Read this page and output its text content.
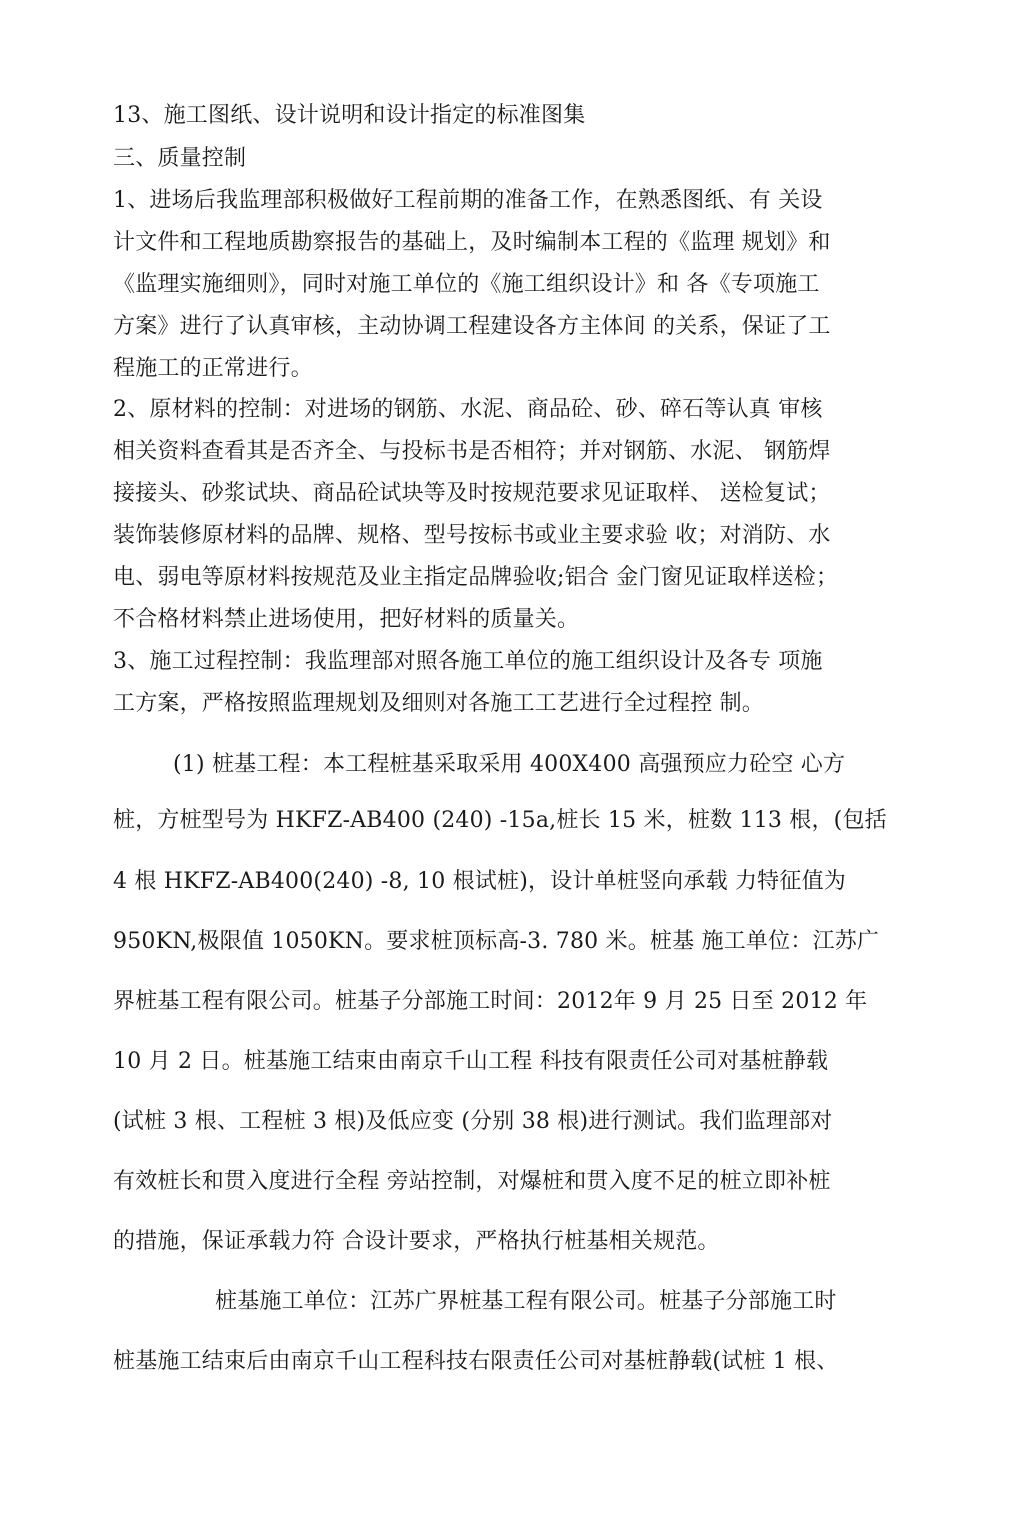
13、施工图纸、设计说明和设计指定的标准图集
三、质量控制
1、进场后我监理部积极做好工程前期的准备工作，在熟悉图纸、有 关设
计文件和工程地质勘察报告的基础上，及时编制本工程的《监理 规划》和
《监理实施细则》，同时对施工单位的《施工组织设计》和 各《专项施工
方案》进行了认真审核，主动协调工程建设各方主体间 的关系，保证了工
程施工的正常进行。
2、原材料的控制：对进场的钢筋、水泥、商品砼、砂、碎石等认真 审核
相关资料查看其是否齐全、与投标书是否相符；并对钢筋、水泥、 钢筋焊
接接头、砂浆试块、商品砼试块等及时按规范要求见证取样、 送检复试；
装饰装修原材料的品牌、规格、型号按标书或业主要求验 收；对消防、水
电、弱电等原材料按规范及业主指定品牌验收;铝合 金门窗见证取样送检；
不合格材料禁止进场使用，把好材料的质量关。
3、施工过程控制：我监理部对照各施工单位的施工组织设计及各专 项施
工方案，严格按照监理规划及细则对各施工工艺进行全过程控 制。
(1) 桩基工程：本工程桩基采取采用 400X400 高强预应力砼空 心方
桩，方桩型号为 HKFZ-AB400 (240) -15a,桩长 15 米，桩数 113 根，(包括
4 根 HKFZ-AB400(240) -8, 10 根试桩)，设计单桩竖向承载 力特征值为
950KN,极限值 1050KN。要求桩顶标高-3. 780 米。桩基 施工单位：江苏广
界桩基工程有限公司。桩基子分部施工时间：2012年 9 月 25 日至 2012 年
10 月 2 日。桩基施工结束由南京千山工程 科技有限责任公司对基桩静载
(试桩 3 根、工程桩 3 根)及低应变 (分别 38 根)进行测试。我们监理部对
有效桩长和贯入度进行全程 旁站控制，对爆桩和贯入度不足的桩立即补桩
的措施，保证承载力符 合设计要求，严格执行桩基相关规范。
桩基施工单位：江苏广界桩基工程有限公司。桩基子分部施工时
桩基施工结束后由南京千山工程科技右限责任公司对基桩静载(试桩 1 根、
